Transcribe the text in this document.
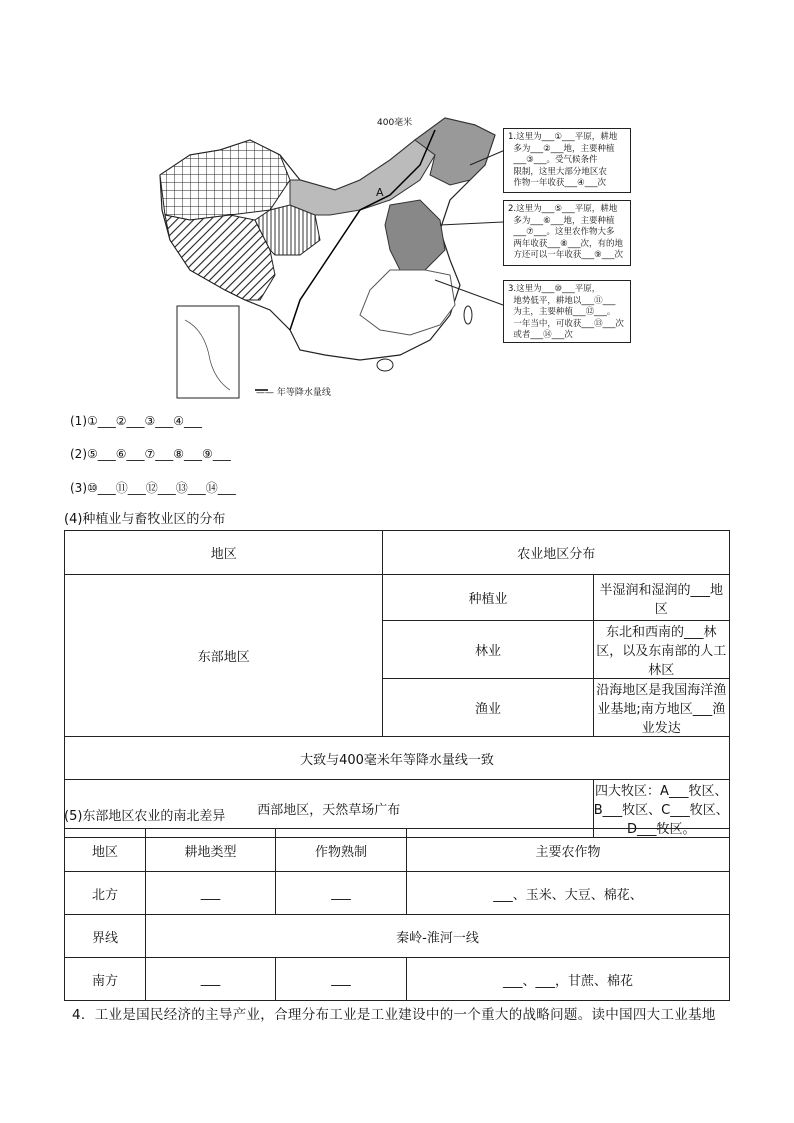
400毫米
A
—— 年等降水量线
1.这里为___①___平原，耕地
多为___②___地，主要种植
___③___。受气候条件
限制，这里大部分地区农
作物一年收获___④___次
2.这里为___⑤___平原，耕地
多为___⑥___地，主要种植
___⑦___。这里农作物大多
两年收获___⑧___次，有的地
方还可以一年收获___⑨___次
3.这里为___⑩___平原，
地势低平，耕地以___⑪___
为主，主要种植___⑫___。
一年当中，可收获___⑬___次
或者___⑭___次
(1)①___②___③___④___
(2)⑤___⑥___⑦___⑧___⑨___
(3)⑩___⑪___⑫___⑬___⑭___
(4)种植业与畜牧业区的分布
地区	农业地区分布	
东部地区	种植业	半湿润和湿润的___地区
	林业	东北和西南的___林区，以及东南部的人工林区
	渔业	沿海地区是我国海洋渔业基地;南方地区___渔业发达
大致与400毫米年等降水量线一致		
西部地区，天然草场广布		四大牧区：A___牧区、B___牧区、C___牧区、D___牧区。
(5)东部地区农业的南北差异
地区	耕地类型	作物熟制	主要农作物
北方	___	___	___、玉米、大豆、棉花、
界线	秦岭-淮河一线		
南方	___	___	___、___，甘蔗、棉花
4．工业是国民经济的主导产业，合理分布工业是工业建设中的一个重大的战略问题。读中国四大工业基地
